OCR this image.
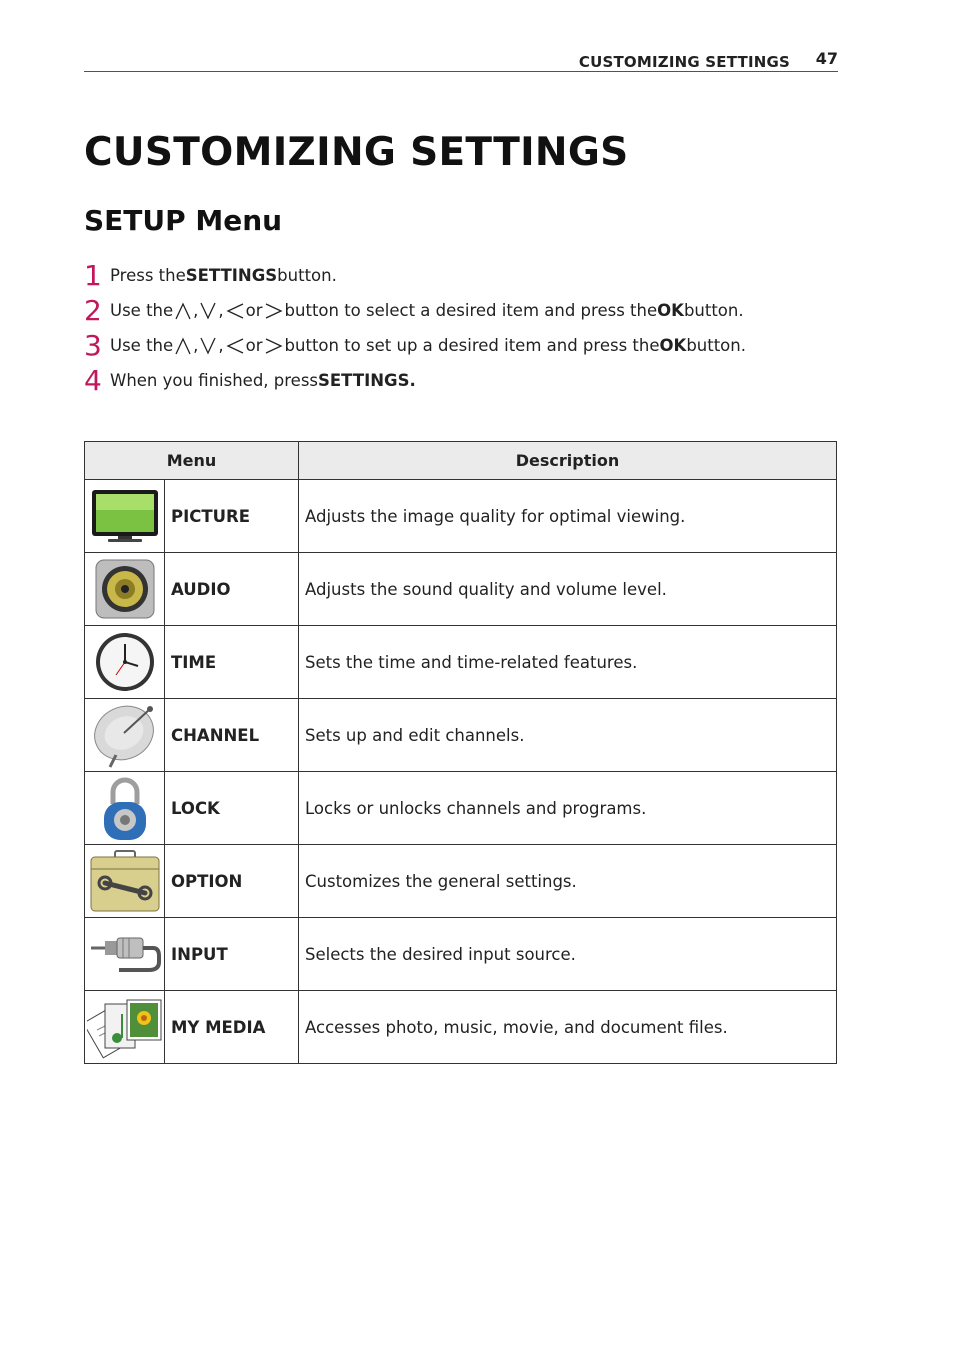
CUSTOMIZING SETTINGS 47
CUSTOMIZING SETTINGS
SETUP Menu
1 Press the SETTINGS button.
2 Use the , , or button to select a desired item and press the OK button.
3 Use the , , or button to set up a desired item and press the OK button.
4 When you finished, press SETTINGS.
Menu		Description

	PICTURE	Adjusts the image quality for optimal viewing.

	AUDIO	Adjusts the sound quality and volume level.

	TIME	Sets the time and time-related features.

	CHANNEL	Sets up and edit channels.

	LOCK	Locks or unlocks channels and programs.

	OPTION	Customizes the general settings.

	INPUT	Selects the desired input source.

	MY MEDIA	Accesses photo, music, movie, and document files.
